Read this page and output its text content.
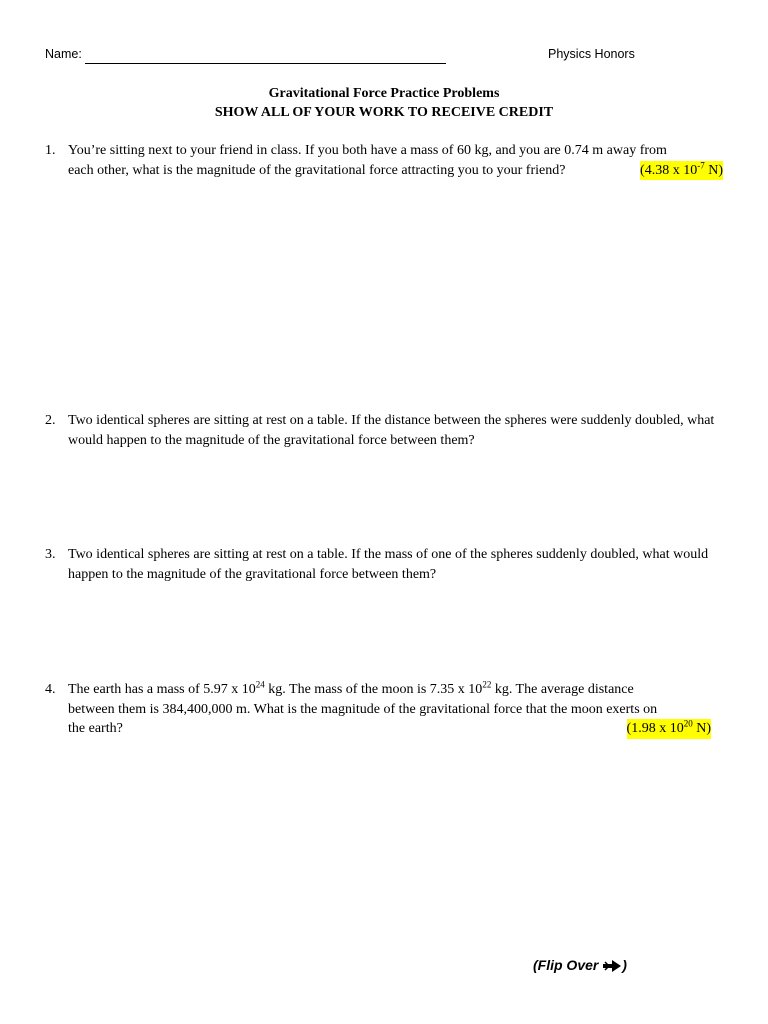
Name:	Physics Honors
Gravitational Force Practice Problems
SHOW ALL OF YOUR WORK TO RECEIVE CREDIT
1. You’re sitting next to your friend in class. If you both have a mass of 60 kg, and you are 0.74 m away from
each other, what is the magnitude of the gravitational force attracting you to your friend?	(4.38 x $10^{-7}$ N)
2. Two identical spheres are sitting at rest on a table. If the distance between the spheres were suddenly doubled, what would happen to the magnitude of the gravitational force between them?
3. Two identical spheres are sitting at rest on a table. If the mass of one of the spheres suddenly doubled, what would happen to the magnitude of the gravitational force between them?
4. The earth has a mass of 5.97 x $10^{24}$ kg. The mass of the moon is 7.35 x $10^{22}$ kg. The average distance
between them is 384,400,000 m. What is the magnitude of the gravitational force that the moon exerts on
the earth?	(1.98 x $10^{20}$ N)
(Flip Over )
